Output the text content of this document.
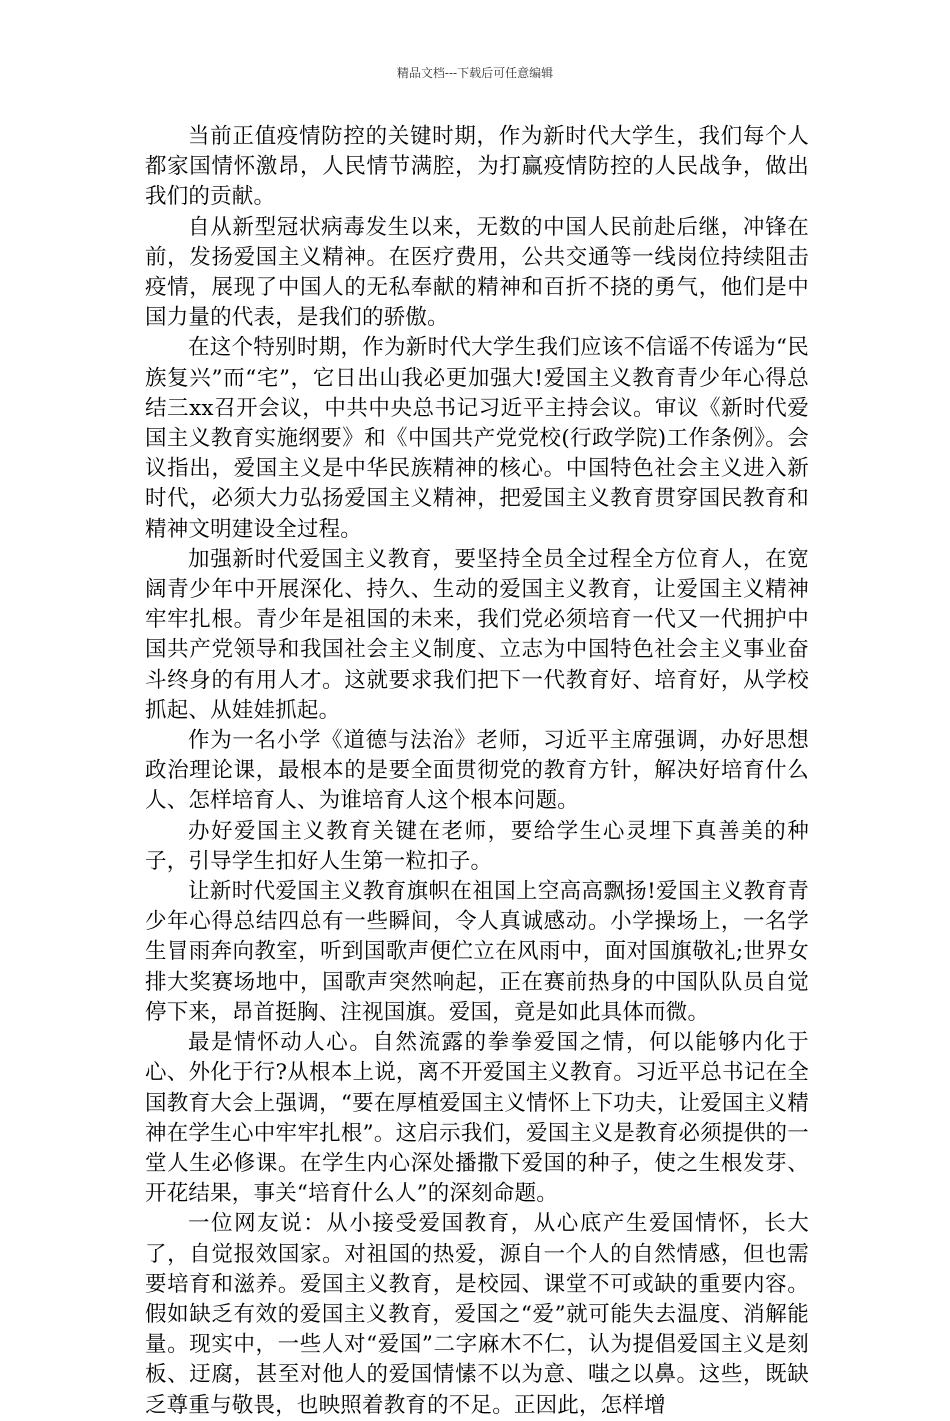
精品文档---下载后可任意编辑

当前正值疫情防控的关键时期，作为新时代大学生，我们每个人都家国情怀激昂，人民情节满腔，为打赢疫情防控的人民战争，做出我们的贡献。

自从新型冠状病毒发生以来，无数的中国人民前赴后继，冲锋在前，发扬爱国主义精神。在医疗费用，公共交通等一线岗位持续阻击疫情，展现了中国人的无私奉献的精神和百折不挠的勇气，他们是中国力量的代表，是我们的骄傲。

在这个特别时期，作为新时代大学生我们应该不信谣不传谣为“民族复兴”而“宅”，它日出山我必更加强大!爱国主义教育青少年心得总结三xx召开会议，中共中央总书记习近平主持会议。审议《新时代爱国主义教育实施纲要》和《中国共产党党校(行政学院)工作条例》。会议指出，爱国主义是中华民族精神的核心。中国特色社会主义进入新时代，必须大力弘扬爱国主义精神，把爱国主义教育贯穿国民教育和精神文明建设全过程。

加强新时代爱国主义教育，要坚持全员全过程全方位育人，在宽阔青少年中开展深化、持久、生动的爱国主义教育，让爱国主义精神牢牢扎根。青少年是祖国的未来，我们党必须培育一代又一代拥护中国共产党领导和我国社会主义制度、立志为中国特色社会主义事业奋斗终身的有用人才。这就要求我们把下一代教育好、培育好，从学校抓起、从娃娃抓起。

作为一名小学《道德与法治》老师，习近平主席强调，办好思想政治理论课，最根本的是要全面贯彻党的教育方针，解决好培育什么人、怎样培育人、为谁培育人这个根本问题。

办好爱国主义教育关键在老师，要给学生心灵埋下真善美的种子，引导学生扣好人生第一粒扣子。

让新时代爱国主义教育旗帜在祖国上空高高飘扬!爱国主义教育青少年心得总结四总有一些瞬间，令人真诚感动。小学操场上，一名学生冒雨奔向教室，听到国歌声便伫立在风雨中，面对国旗敬礼;世界女排大奖赛场地中，国歌声突然响起，正在赛前热身的中国队队员自觉停下来，昂首挺胸、注视国旗。爱国，竟是如此具体而微。

最是情怀动人心。自然流露的拳拳爱国之情，何以能够内化于心、外化于行?从根本上说，离不开爱国主义教育。习近平总书记在全国教育大会上强调，“要在厚植爱国主义情怀上下功夫，让爱国主义精神在学生心中牢牢扎根”。这启示我们，爱国主义是教育必须提供的一堂人生必修课。在学生内心深处播撒下爱国的种子，使之生根发芽、开花结果，事关“培育什么人”的深刻命题。

一位网友说：从小接受爱国教育，从心底产生爱国情怀，长大了，自觉报效国家。对祖国的热爱，源自一个人的自然情感，但也需要培育和滋养。爱国主义教育，是校园、课堂不可或缺的重要内容。假如缺乏有效的爱国主义教育，爱国之“爱”就可能失去温度、消解能量。现实中，一些人对“爱国”二字麻木不仁，认为提倡爱国主义是刻板、迂腐，甚至对他人的爱国情愫不以为意、嗤之以鼻。这些，既缺乏尊重与敬畏，也映照着教育的不足。正因此，怎样增
